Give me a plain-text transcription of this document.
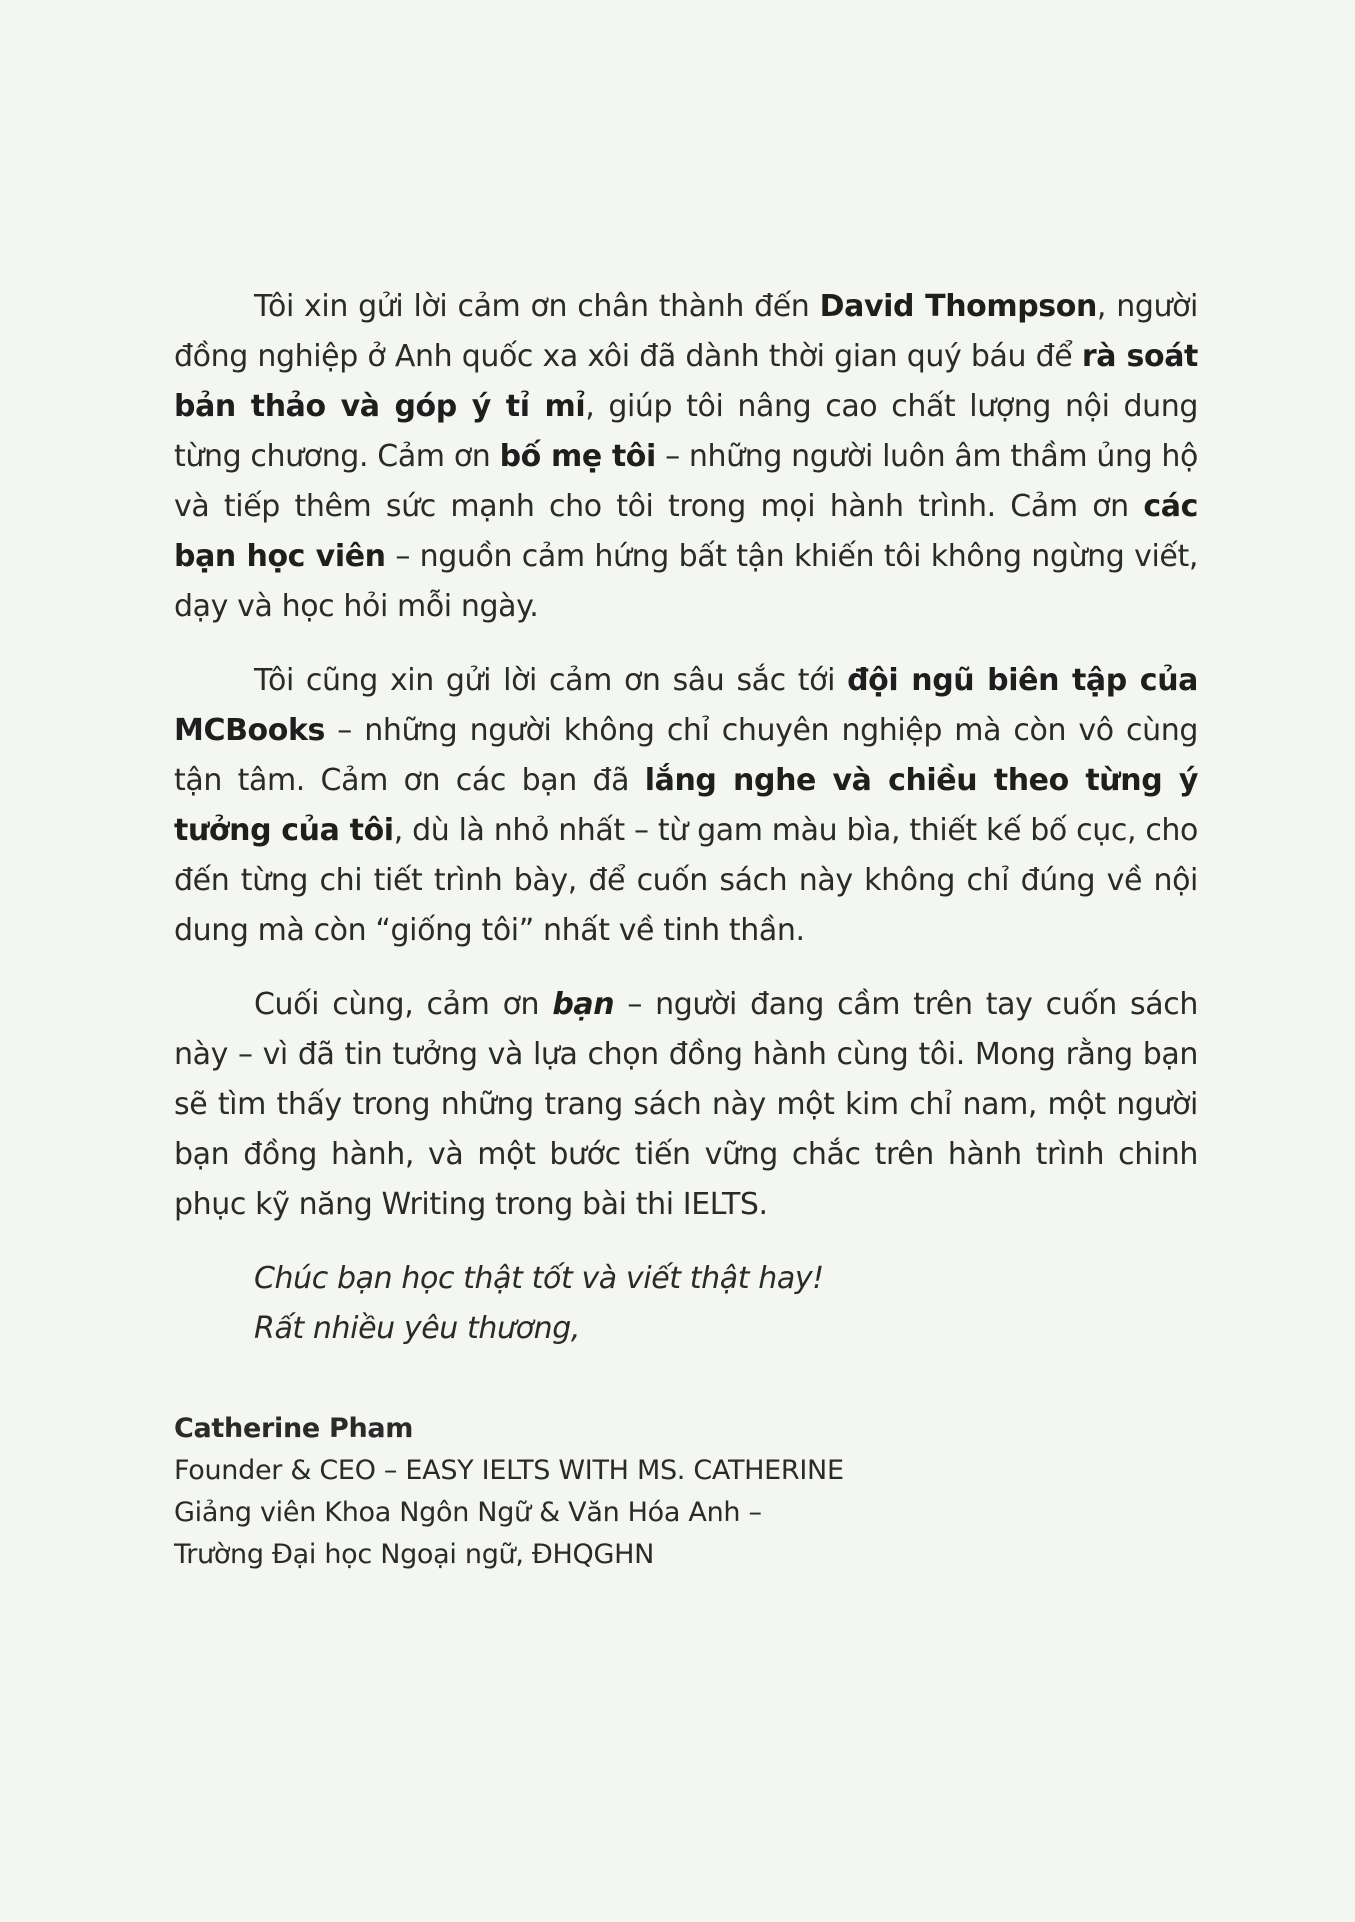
Tôi xin gửi lời cảm ơn chân thành đến David Thompson, người đồng nghiệp ở Anh quốc xa xôi đã dành thời gian quý báu để rà soát bản thảo và góp ý tỉ mỉ, giúp tôi nâng cao chất lượng nội dung từng chương. Cảm ơn bố mẹ tôi – những người luôn âm thầm ủng hộ và tiếp thêm sức mạnh cho tôi trong mọi hành trình. Cảm ơn các bạn học viên – nguồn cảm hứng bất tận khiến tôi không ngừng viết, dạy và học hỏi mỗi ngày.

Tôi cũng xin gửi lời cảm ơn sâu sắc tới đội ngũ biên tập của MCBooks – những người không chỉ chuyên nghiệp mà còn vô cùng tận tâm. Cảm ơn các bạn đã lắng nghe và chiều theo từng ý tưởng của tôi, dù là nhỏ nhất – từ gam màu bìa, thiết kế bố cục, cho đến từng chi tiết trình bày, để cuốn sách này không chỉ đúng về nội dung mà còn “giống tôi” nhất về tinh thần.

Cuối cùng, cảm ơn bạn – người đang cầm trên tay cuốn sách này – vì đã tin tưởng và lựa chọn đồng hành cùng tôi. Mong rằng bạn sẽ tìm thấy trong những trang sách này một kim chỉ nam, một người bạn đồng hành, và một bước tiến vững chắc trên hành trình chinh phục kỹ năng Writing trong bài thi IELTS.

Chúc bạn học thật tốt và viết thật hay!
Rất nhiều yêu thương,
Catherine Pham
Founder & CEO – EASY IELTS WITH MS. CATHERINE
Giảng viên Khoa Ngôn Ngữ & Văn Hóa Anh –
Trường Đại học Ngoại ngữ, ĐHQGHN
